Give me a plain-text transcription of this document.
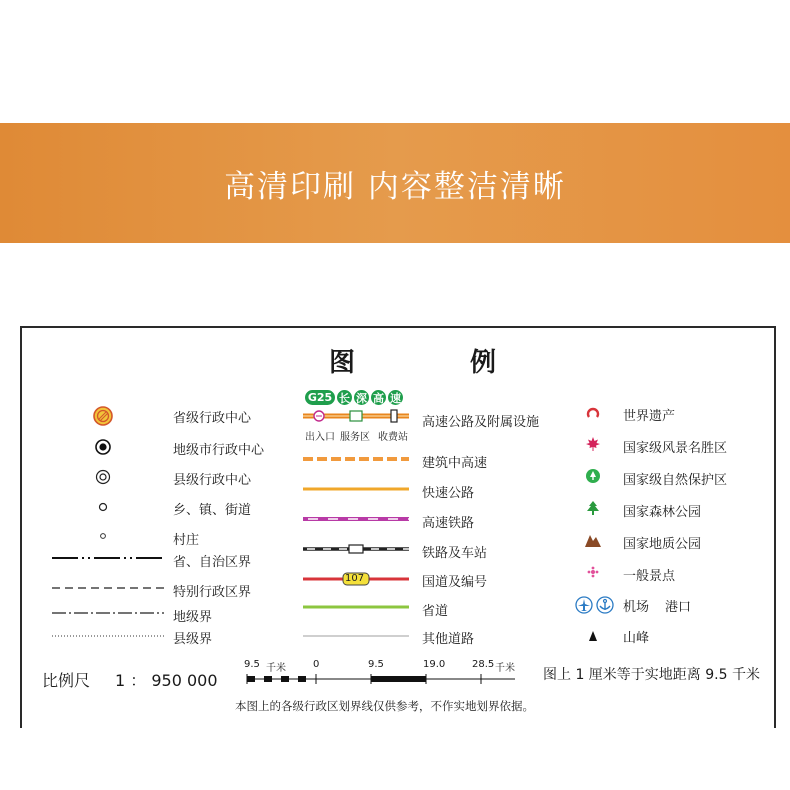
高清印刷 内容整洁清晰
图	例
省级行政中心
地级市行政中心
县级行政中心
乡、镇、街道
村庄
省、自治区界
特别行政区界
地级界
县级界
G25 长 深 高 速
出入口 服务区 收费站
高速公路及附属设施
建筑中高速
快速公路
高速铁路
铁路及车站
107	国道及编号
省道
其他道路
世界遗产
国家级风景名胜区
国家级自然保护区
国家森林公园
国家地质公园
一般景点
机场 港口
山峰
比例尺 1 ： 950 000
9.5 千米	0	9.5	19.0	28.5 千米 图上 1 厘米等于实地距离 9.5 千米
本图上的各级行政区划界线仅供参考，不作实地划界依据。
